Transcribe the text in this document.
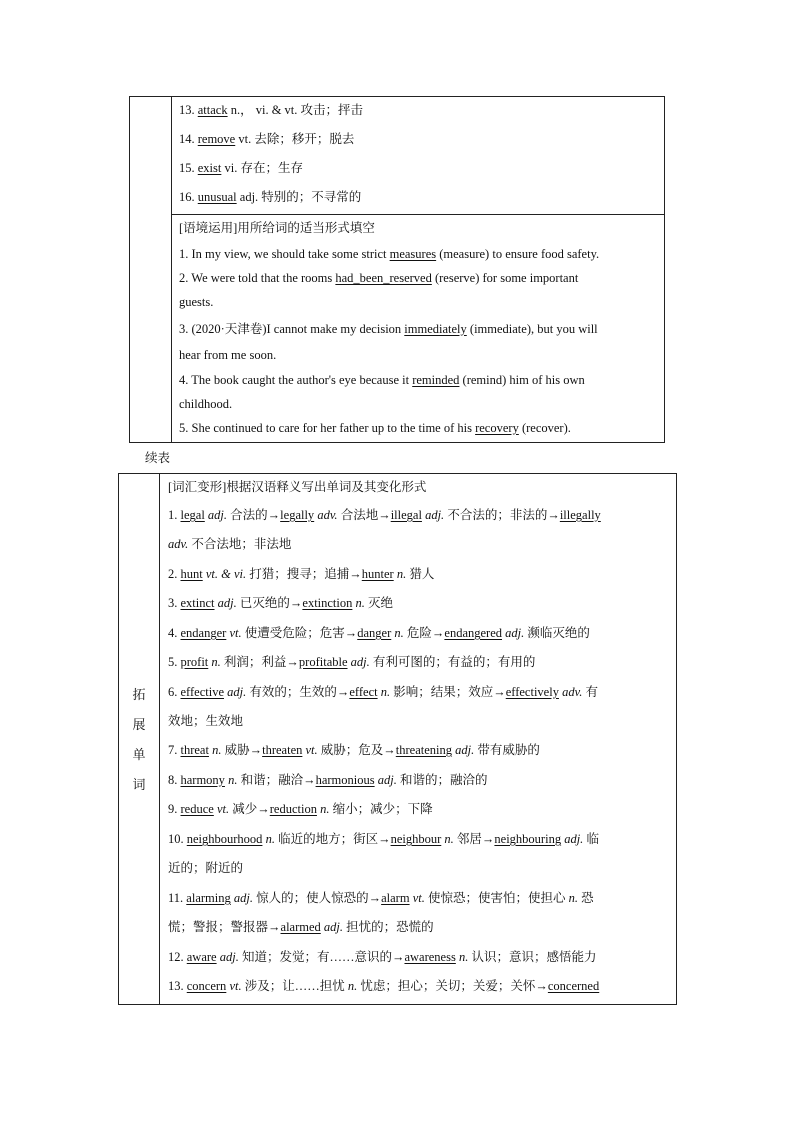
13. attack n.， vi. & vt. 攻击；抨击
14. remove vt. 去除；移开；脱去
15. exist vi. 存在；生存
16. unusual adj. 特别的；不寻常的
[语境运用]用所给词的适当形式填空
1. In my view, we should take some strict measures (measure) to ensure food safety.
2. We were told that the rooms had_been_reserved (reserve) for some important
guests.
3. (2020·天津卷)I cannot make my decision immediately (immediate), but you will
hear from me soon.
4. The book caught the author's eye because it reminded (remind) him of his own
childhood.
5. She continued to care for her father up to the time of his recovery (recover).
续表
拓
展
单
词
[词汇变形]根据汉语释义写出单词及其变化形式
1. legal adj. 合法的→legally adv. 合法地→illegal adj. 不合法的；非法的→illegally
adv. 不合法地；非法地
2. hunt vt. & vi. 打猎；搜寻；追捕→hunter n. 猎人
3. extinct adj. 已灭绝的→extinction n. 灭绝
4. endanger vt. 使遭受危险；危害→danger n. 危险→endangered adj. 濒临灭绝的
5. profit n. 利润；利益→profitable adj. 有利可图的；有益的；有用的
6. effective adj. 有效的；生效的→effect n. 影响；结果；效应→effectively adv. 有
效地；生效地
7. threat n. 威胁→threaten vt. 威胁；危及→threatening adj. 带有威胁的
8. harmony n. 和谐；融洽→harmonious adj. 和谐的；融洽的
9. reduce vt. 减少→reduction n. 缩小；减少；下降
10. neighbourhood n. 临近的地方；街区→neighbour n. 邻居→neighbouring adj. 临
近的；附近的
11. alarming adj. 惊人的；使人惊恐的→alarm vt. 使惊恐；使害怕；使担心 n. 恐
慌；警报；警报器→alarmed adj. 担忧的；恐慌的
12. aware adj. 知道；发觉；有……意识的→awareness n. 认识；意识；感悟能力
13. concern vt. 涉及；让……担忧 n. 忧虑；担心；关切；关爱；关怀→concerned
